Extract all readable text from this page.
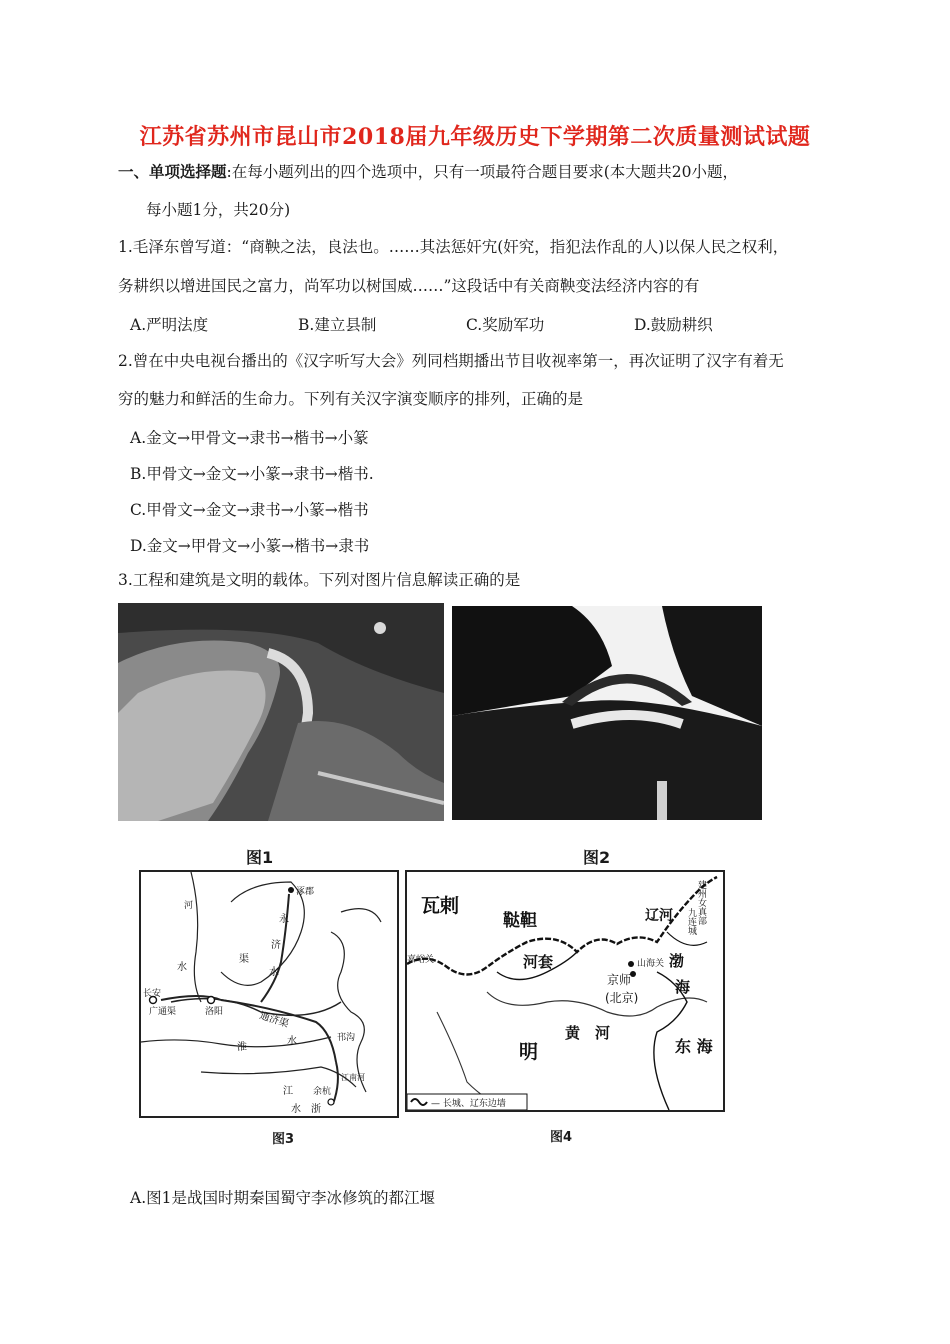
江苏省苏州市昆山市2018届九年级历史下学期第二次质量测试试题
一、单项选择题:在每小题列出的四个选项中，只有一项最符合题目要求(本大题共20小题，
每小题1分，共20分)
1.毛泽东曾写道：“商鞅之法，良法也。……其法惩奸宄(奸究，指犯法作乱的人)以保人民之权利，
务耕织以增进国民之富力，尚军功以树国威……”这段话中有关商鞅变法经济内容的有
A.严明法度	B.建立县制	C.奖励军功	D.鼓励耕织
2.曾在中央电视台播出的《汉字听写大会》列同档期播出节目收视率第一，再次证明了汉字有着无
穷的魅力和鲜活的生命力。下列有关汉字演变顺序的排列，正确的是
A.金文→甲骨文→隶书→楷书→小篆
B.甲骨文→金文→小篆→隶书→楷书.
C.甲骨文→金文→隶书→小篆→楷书
D.金文→甲骨文→小篆→楷书→隶书
3.工程和建筑是文明的载体。下列对图片信息解读正确的是
图1	图2
涿郡
河
永
济
渠
水	水
长安
广通渠	洛阳	通济渠
淮
水	邗沟
江南河
余杭
江
水 浙
瓦剌
鞑靼
嘉峪关	河套
辽河	建州女真部
九连城
山海关 渤
海
京师
(北京)
明
黄　河
东 海
— 长城、辽东边墙
图3	图4
A.图1是战国时期秦国蜀守李冰修筑的都江堰
